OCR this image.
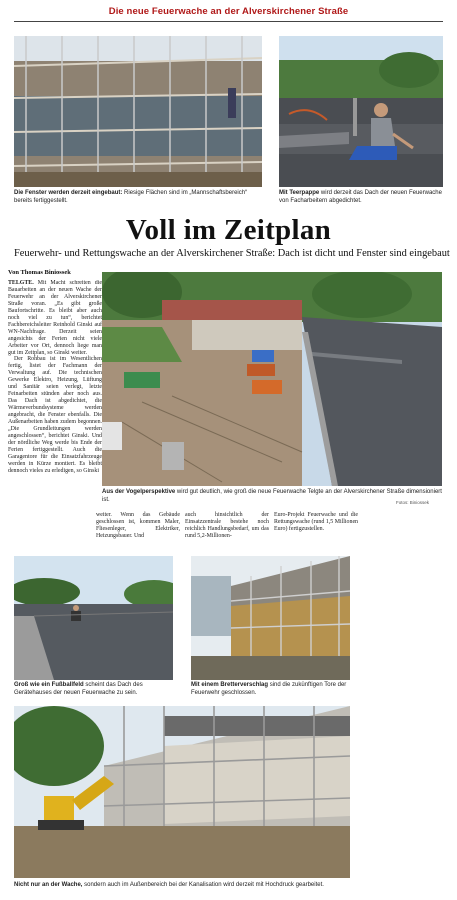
Die neue Feuerwache an der Alverskirchener Straße
Die Fenster werden derzeit eingebaut: Riesige Flächen sind im „Mannschaftsbereich“ bereits fertiggestellt.
Mit Teerpappe wird derzeit das Dach der neuen Feuerwache von Facharbeitern abgedichtet.
Voll im Zeitplan
Feuerwehr- und Rettungswache an der Alverskirchener Straße: Dach ist dicht und Fenster sind eingebaut
Von Thomas Biniossek

TELGTE. Mit Macht schreiten die Bauarbeiten an der neuen Wache der Feuerwehr an der Alverskirchener Straße voran. „Es gibt große Baufortschritte. Es bleibt aber auch noch viel zu tun“, berichtet Fachbereichsleiter Reinhold Ginski auf WN-Nachfrage. Derzeit seien angesichts der Ferien nicht viele Arbeiter vor Ort, dennoch liege man gut im Zeitplan, so Ginski weiter.

Der Rohbau ist im Wesentlichen fertig, listet der Fachmann der Verwaltung auf. Die technischen Gewerke Elektro, Heizung, Lüftung und Sanitär seien verlegt, letzte Feinarbeiten stünden aber noch aus. Das Dach ist abgedichtet, die Wärmeverbundsysteme werden angebracht, die Fenster ebenfalls. Die Außenarbeiten haben zudem begonnen. „Die Grundleitungen werden angeschlossen“, berichtet Ginski. Und der nördliche Weg werde bis Ende der Ferien fertiggestellt. Auch die Garagentore für die Einsatzfahrzeuge werden in Kürze montiert. Es bleibt dennoch vieles zu erledigen, so Ginski

Aus der Vogelperspektive wird gut deutlich, wie groß die neue Feuerwache Telgte an der Alverskirchener Straße dimensioniert ist.	Fotos: Biniossek

weiter. Wenn das Gebäude geschlossen ist, kommen Maler, Fliesenleger, Elektriker, Heizungsbauer. Und

auch hinsichtlich der Einsatzzentrale bestehe noch reichlich Handlungsbedarf, um das rund 5,2-Millionen-

Euro-Projekt Feuerwache und die Rettungswache (rund 1,5 Millionen Euro) fertigzustellen.

Groß wie ein Fußballfeld scheint das Dach des Gerätehauses der neuen Feuerwache zu sein.
Mit einem Bretterverschlag sind die zukünftigen Tore der Feuerwehr geschlossen.
Nicht nur an der Wache, sondern auch im Außenbereich bei der Kanalisation wird derzeit mit Hochdruck gearbeitet.
